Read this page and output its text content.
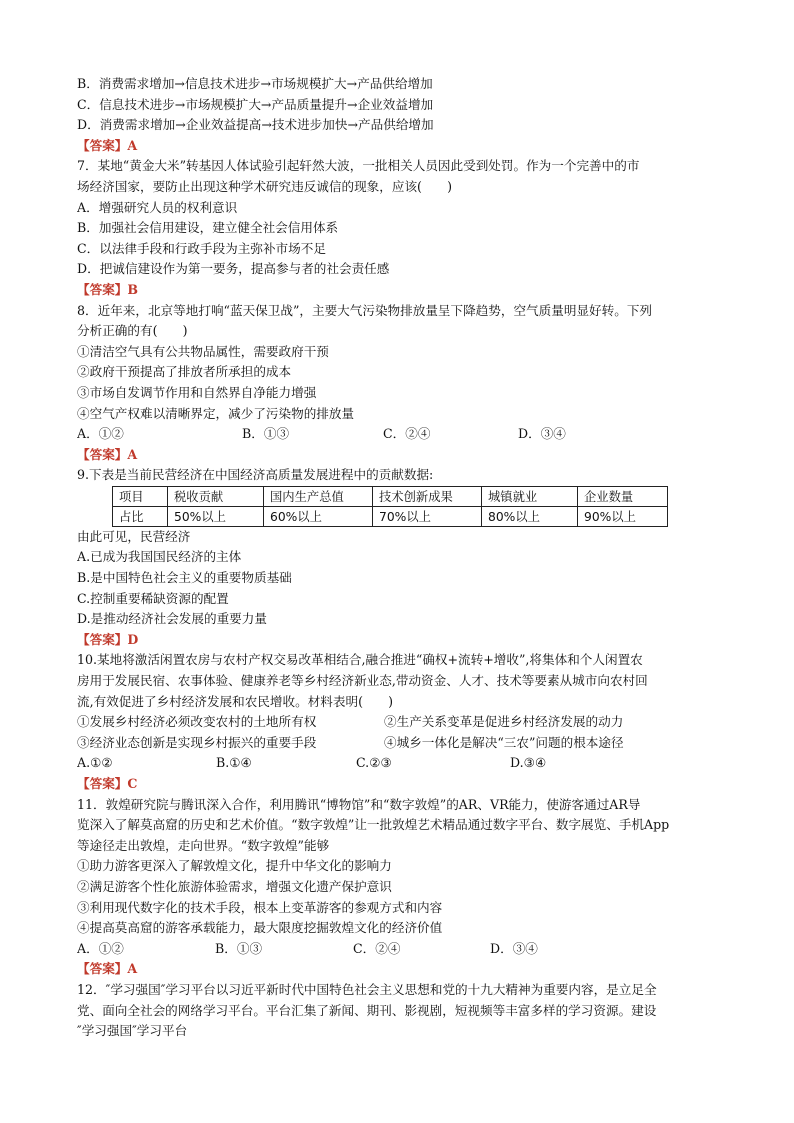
B．消费需求增加→信息技术进步→市场规模扩大→产品供给增加
C．信息技术进步→市场规模扩大→产品质量提升→企业效益增加
D．消费需求增加→企业效益提高→技术进步加快→产品供给增加
【答案】A
7．某地“黄金大米”转基因人体试验引起轩然大波，一批相关人员因此受到处罚。作为一个完善中的市
场经济国家，要防止出现这种学术研究违反诚信的现象，应该(　　)
A．增强研究人员的权利意识
B．加强社会信用建设，建立健全社会信用体系
C．以法律手段和行政手段为主弥补市场不足
D．把诚信建设作为第一要务，提高参与者的社会责任感
【答案】B
8．近年来，北京等地打响“蓝天保卫战”，主要大气污染物排放量呈下降趋势，空气质量明显好转。下列
分析正确的有(　　)
①清洁空气具有公共物品属性，需要政府干预
②政府干预提高了排放者所承担的成本
③市场自发调节作用和自然界自净能力增强
④空气产权难以清晰界定，减少了污染物的排放量
A．①②	B．①③	C．②④	D．③④
【答案】A
9.下表是当前民营经济在中国经济高质量发展进程中的贡献数据:
项目	税收贡献	国内生产总值	技术创新成果	城镇就业	企业数量
占比	50%以上	60%以上	70%以上	80%以上	90%以上
由此可见，民营经济
A.已成为我国国民经济的主体
B.是中国特色社会主义的重要物质基础
C.控制重要稀缺资源的配置
D.是推动经济社会发展的重要力量
【答案】D
10.某地将激活闲置农房与农村产权交易改革相结合,融合推进“确权+流转+增收”,将集体和个人闲置农
房用于发展民宿、农事体验、健康养老等乡村经济新业态,带动资金、人才、技术等要素从城市向农村回
流,有效促进了乡村经济发展和农民增收。材料表明(　　)
①发展乡村经济必须改变农村的土地所有权	②生产关系变革是促进乡村经济发展的动力
③经济业态创新是实现乡村振兴的重要手段	④城乡一体化是解决“三农”问题的根本途径
A.①②	B.①④	C.②③	D.③④
【答案】C
11．敦煌研究院与腾讯深入合作，利用腾讯“博物馆”和“数字敦煌”的AR、VR能力，使游客通过AR导
览深入了解莫高窟的历史和艺术价值。“数字敦煌”让一批敦煌艺术精品通过数字平台、数字展览、手机App
等途径走出敦煌，走向世界。“数字敦煌”能够
①助力游客更深入了解敦煌文化，提升中华文化的影响力
②满足游客个性化旅游体验需求，增强文化遗产保护意识
③利用现代数字化的技术手段，根本上变革游客的参观方式和内容
④提高莫高窟的游客承载能力，最大限度挖掘敦煌文化的经济价值
A．①②	B．①③	C．②④	D．③④
【答案】A
12．″学习强国″学习平台以习近平新时代中国特色社会主义思想和党的十九大精神为重要内容，是立足全
党、面向全社会的网络学习平台。平台汇集了新闻、期刊、影视剧，短视频等丰富多样的学习资源。建设
″学习强国″学习平台
